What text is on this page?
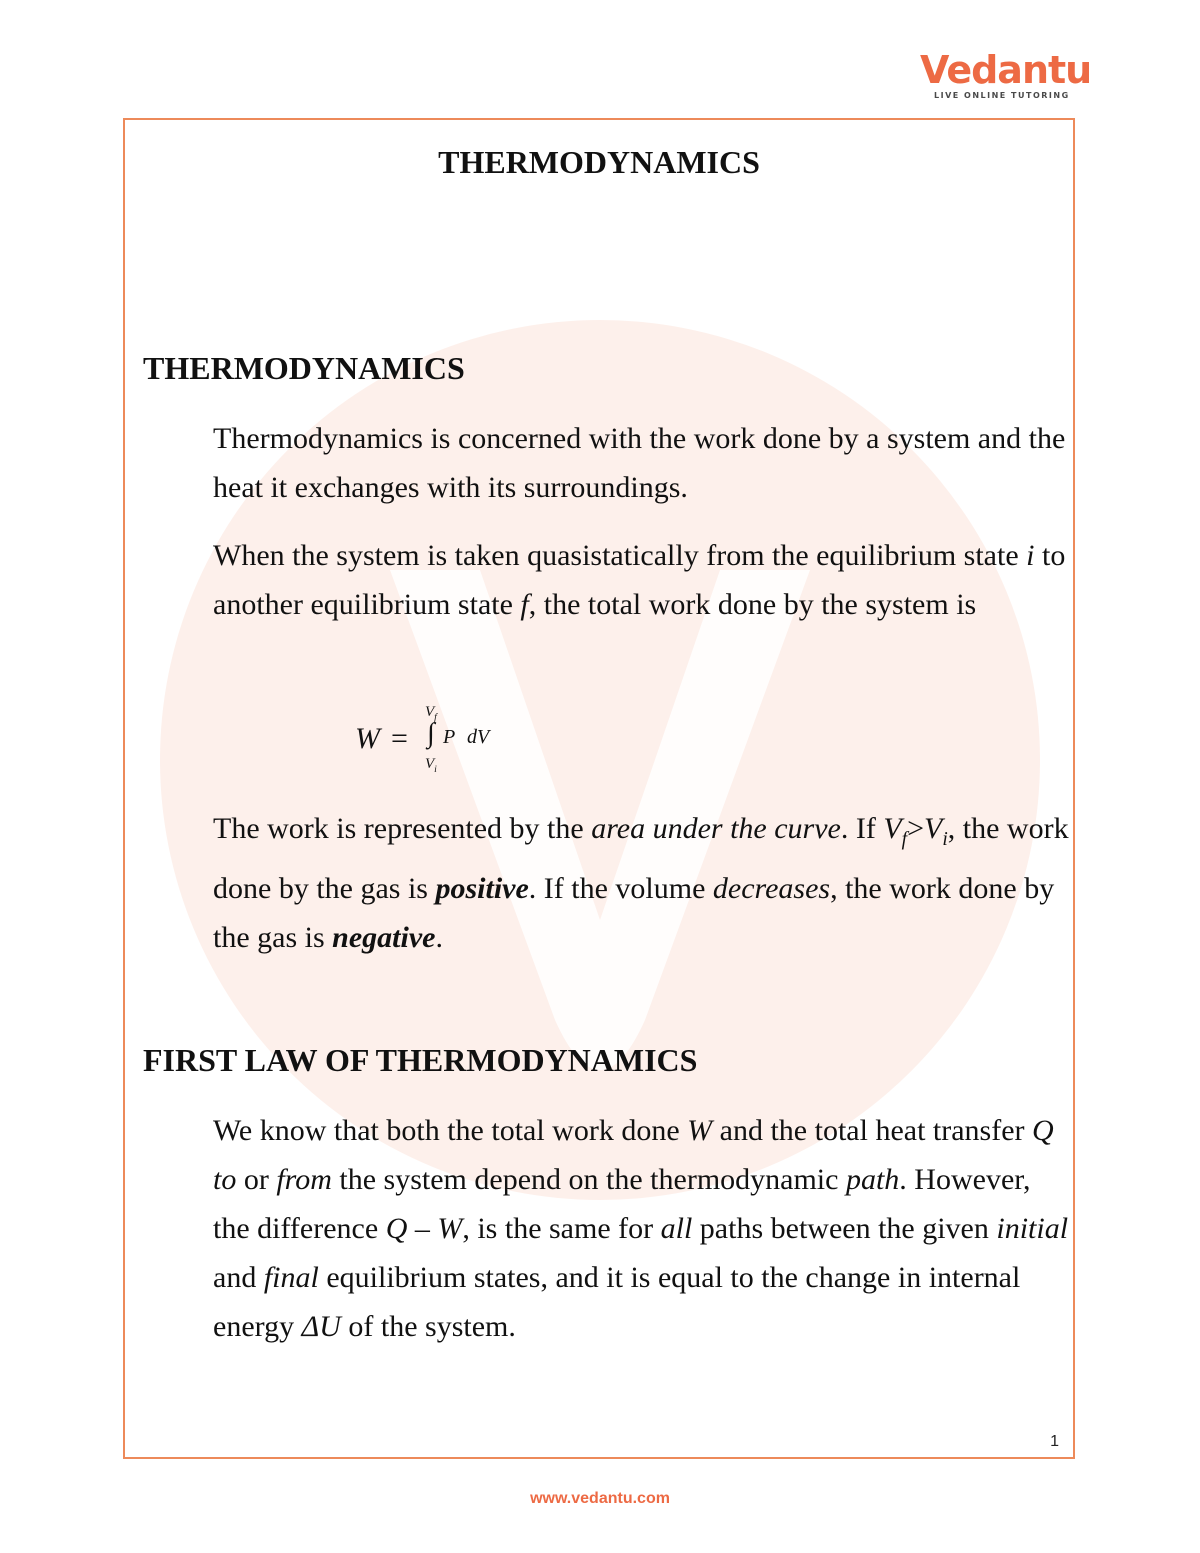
Vedantu
LIVE ONLINE TUTORING
THERMODYNAMICS
THERMODYNAMICS

Thermodynamics is concerned with the work done by a system and the heat it exchanges with its surroundings.

When the system is taken quasistatically from the equilibrium state i to another equilibrium state f, the total work done by the system is

W =
$V_f$
∫
$V_i$
P dV

The work is represented by the area under the curve. If $V_f>V_i$, the work done by the gas is positive. If the volume decreases, the work done by the gas is negative.

FIRST LAW OF THERMODYNAMICS

We know that both the total work done W and the total heat transfer Q to or from the system depend on the thermodynamic path. However, the difference Q – W, is the same for all paths between the given initial and final equilibrium states, and it is equal to the change in internal energy ΔU of the system.

1
www.vedantu.com
